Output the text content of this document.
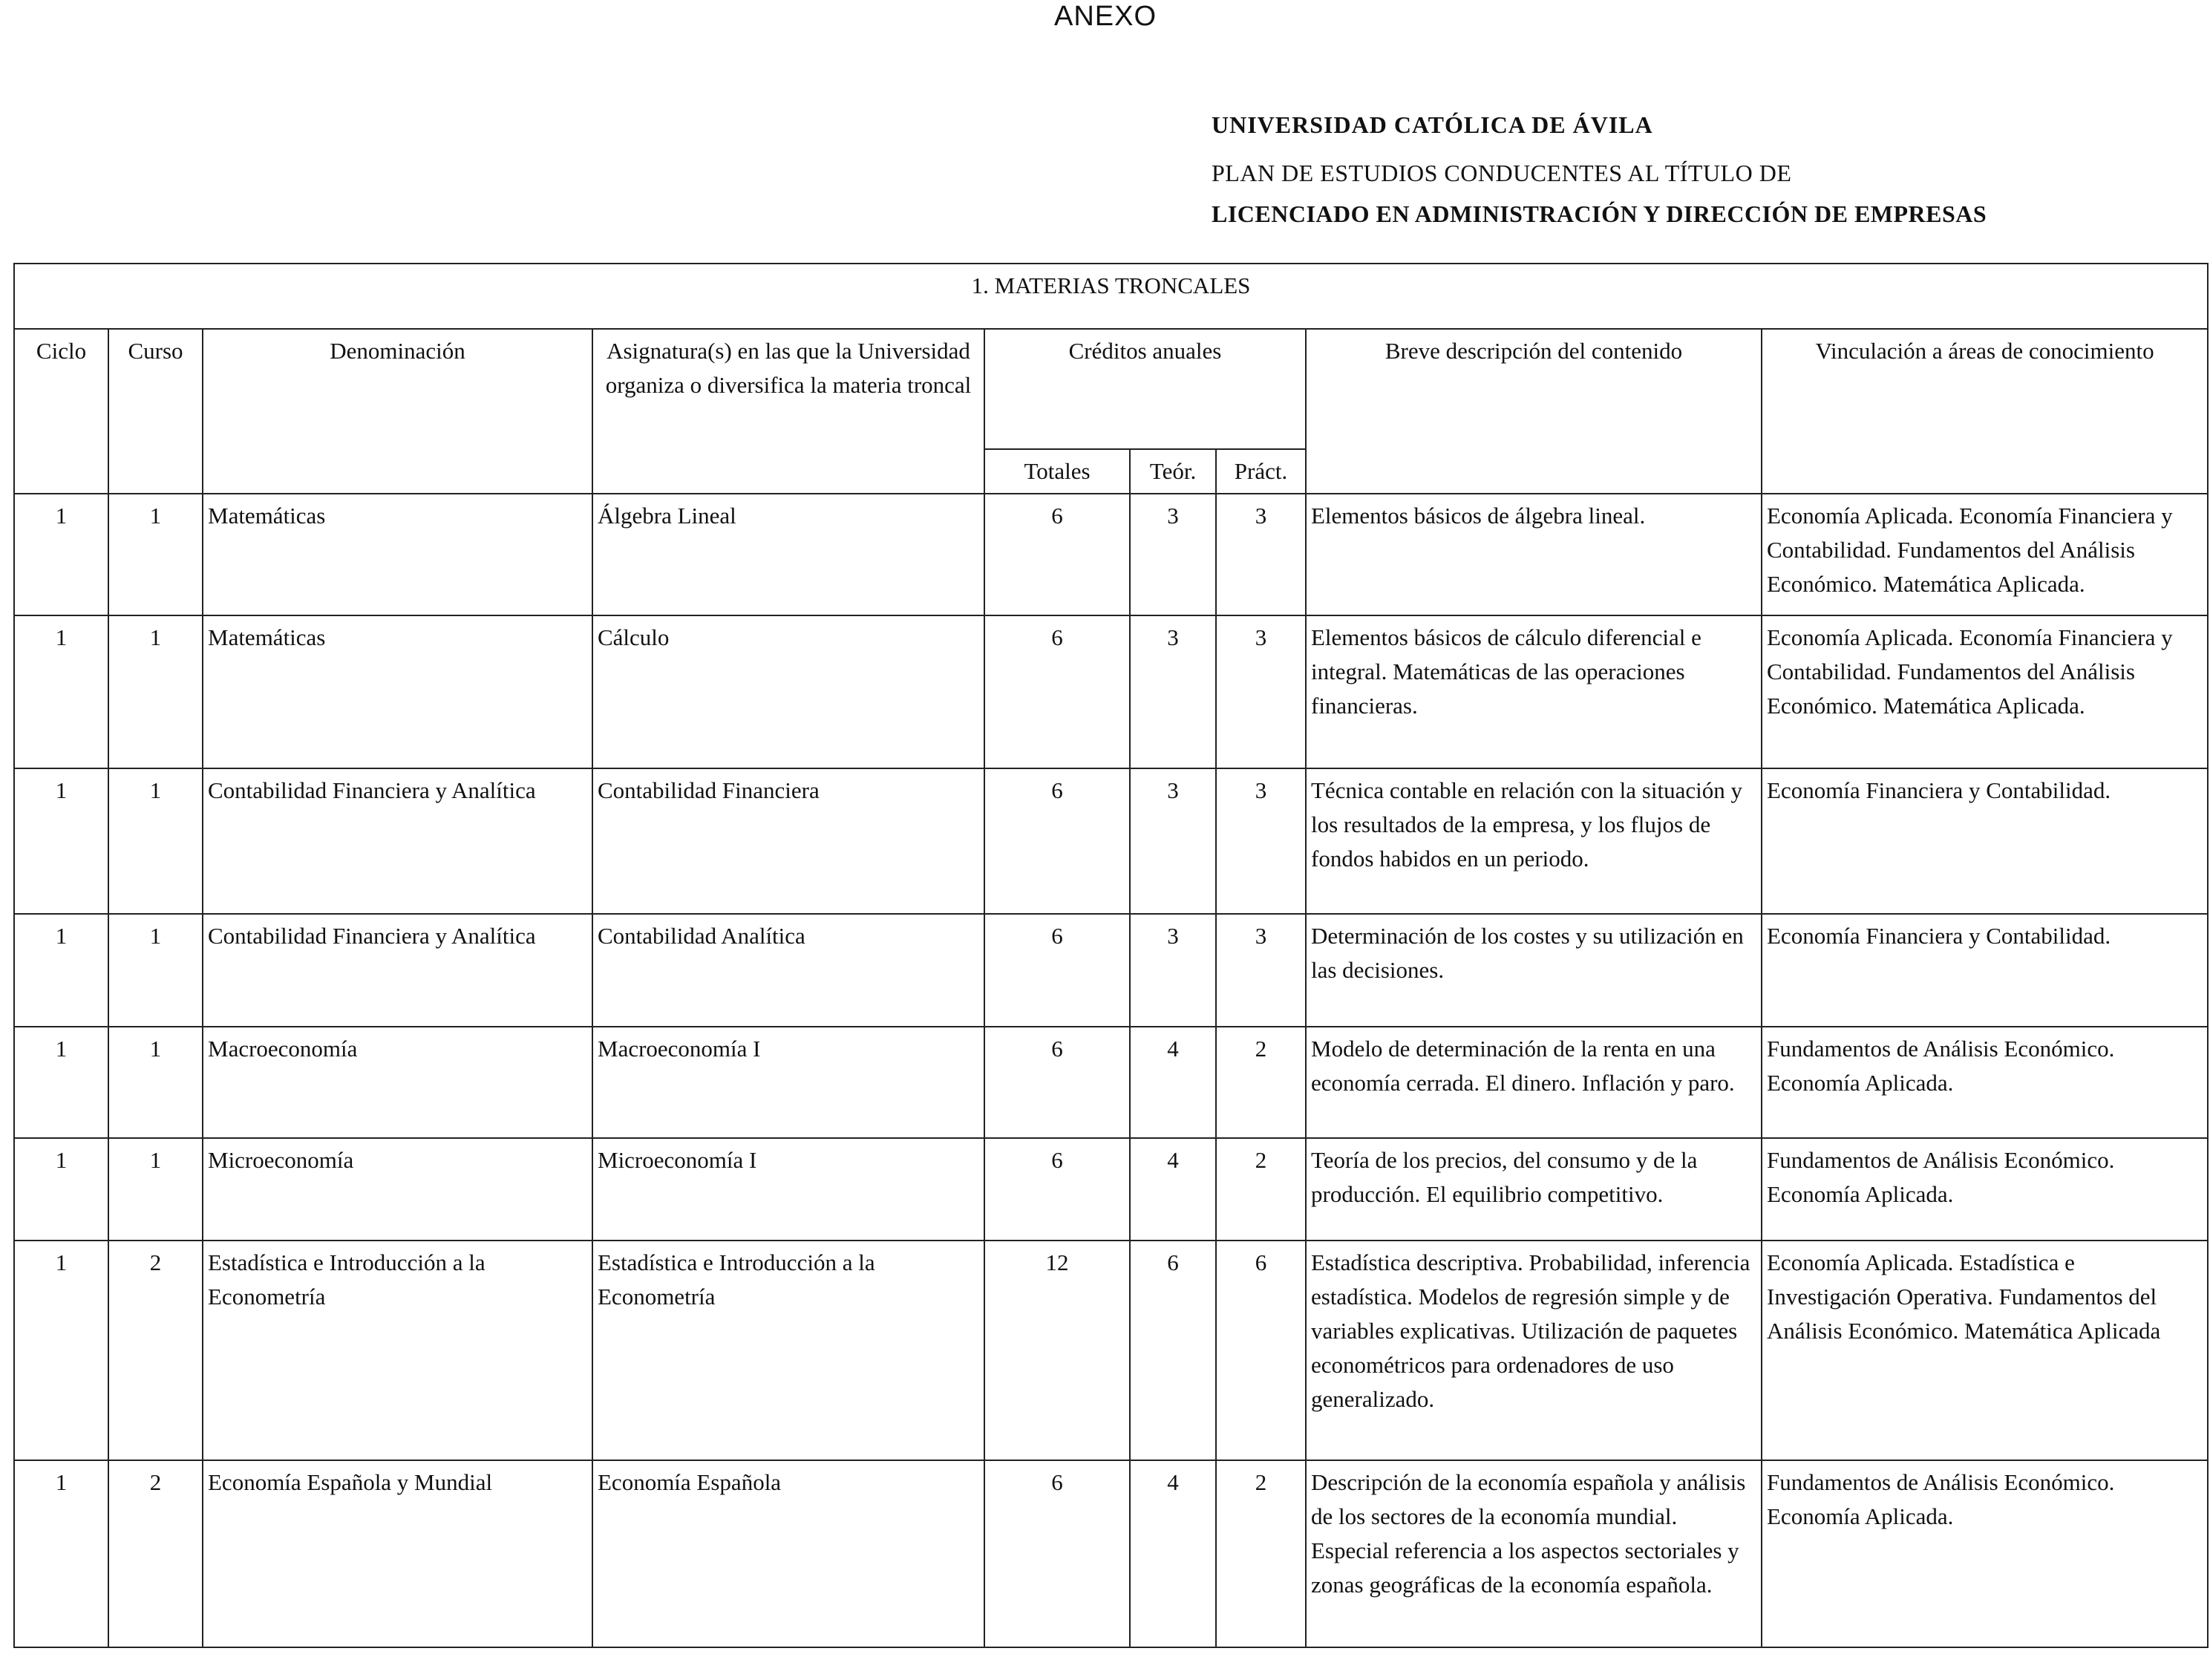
ANEXO
UNIVERSIDAD CATÓLICA DE ÁVILA
PLAN DE ESTUDIOS CONDUCENTES AL TÍTULO DE
LICENCIADO EN ADMINISTRACIÓN Y DIRECCIÓN DE EMPRESAS
1. MATERIAS TRONCALES								
Ciclo	Curso	Denominación	Asignatura(s) en las que la Universidad organiza o diversifica la materia troncal	Créditos anuales			Breve descripción del contenido	Vinculación a áreas de conocimiento
				Totales	Teór.	Práct.		
1	1	Matemáticas	Álgebra Lineal	6	3	3	Elementos básicos de álgebra lineal.	Economía Aplicada. Economía Financiera y Contabilidad. Fundamentos del Análisis Económico. Matemática Aplicada.
1	1	Matemáticas	Cálculo	6	3	3	Elementos básicos de cálculo diferencial e integral. Matemáticas de las operaciones financieras.	Economía Aplicada. Economía Financiera y Contabilidad. Fundamentos del Análisis Económico. Matemática Aplicada.
1	1	Contabilidad Financiera y Analítica	Contabilidad Financiera	6	3	3	Técnica contable en relación con la situación y los resultados de la empresa, y los flujos de fondos habidos en un periodo.	Economía Financiera y Contabilidad.
1	1	Contabilidad Financiera y Analítica	Contabilidad Analítica	6	3	3	Determinación de los costes y su utilización en las decisiones.	Economía Financiera y Contabilidad.
1	1	Macroeconomía	Macroeconomía I	6	4	2	Modelo de determinación de la renta en una economía cerrada. El dinero. Inflación y paro.	Fundamentos de Análisis Económico. Economía Aplicada.
1	1	Microeconomía	Microeconomía I	6	4	2	Teoría de los precios, del consumo y de la producción. El equilibrio competitivo.	Fundamentos de Análisis Económico. Economía Aplicada.
1	2	Estadística e Introducción a la Econometría	Estadística e Introducción a la Econometría	12	6	6	Estadística descriptiva. Probabilidad, inferencia estadística. Modelos de regresión simple y de variables explicativas. Utilización de paquetes econométricos para ordenadores de uso generalizado.	Economía Aplicada. Estadística e Investigación Operativa. Fundamentos del Análisis Económico. Matemática Aplicada
1	2	Economía Española y Mundial	Economía Española	6	4	2	Descripción de la economía española y análisis de los sectores de la economía mundial. Especial referencia a los aspectos sectoriales y zonas geográficas de la economía española.	Fundamentos de Análisis Económico. Economía Aplicada.
